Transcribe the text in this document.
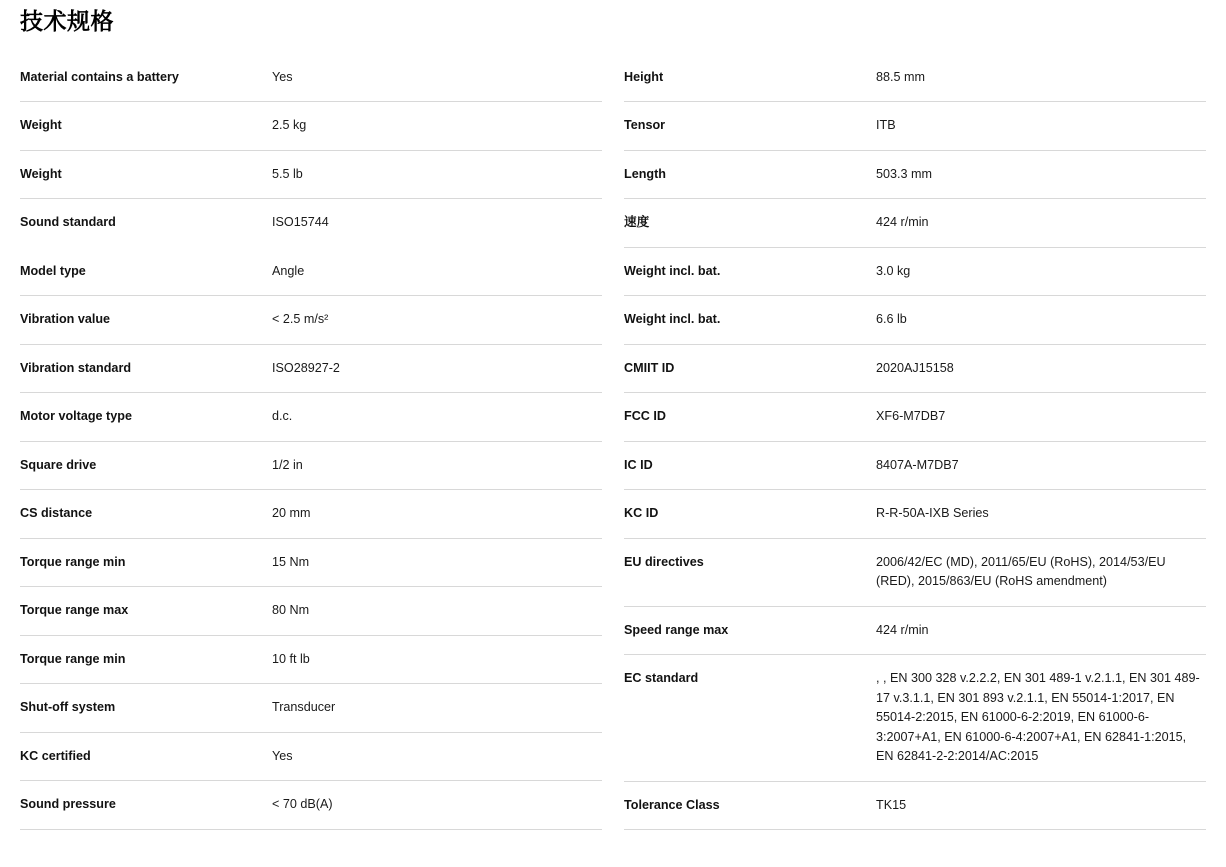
技术规格
Material contains a battery	Yes
Weight	2.5 kg
Weight	5.5 lb
Sound standard	ISO15744
Model type	Angle
Vibration value	< 2.5 m/s²
Vibration standard	ISO28927-2
Motor voltage type	d.c.
Square drive	1/2 in
CS distance	20 mm
Torque range min	15 Nm
Torque range max	80 Nm
Torque range min	10 ft lb
Shut-off system	Transducer
KC certified	Yes
Sound pressure	< 70 dB(A)
Height	88.5 mm
Tensor	ITB
Length	503.3 mm
速度	424 r/min
Weight incl. bat.	3.0 kg
Weight incl. bat.	6.6 lb
CMIIT ID	2020AJ15158
FCC ID	XF6-M7DB7
IC ID	8407A-M7DB7
KC ID	R-R-50A-IXB Series
EU directives	2006/42/EC (MD), 2011/65/EU (RoHS), 2014/53/EU (RED), 2015/863/EU (RoHS amendment)
Speed range max	424 r/min
EC standard	, , EN 300 328 v.2.2.2, EN 301 489-1 v.2.1.1, EN 301 489-17 v.3.1.1, EN 301 893 v.2.1.1, EN 55014-1:2017, EN 55014-2:2015, EN 61000-6-2:2019, EN 61000-6-3:2007+A1, EN 61000-6-4:2007+A1, EN 62841-1:2015, EN 62841-2-2:2014/AC:2015
Tolerance Class	TK15
